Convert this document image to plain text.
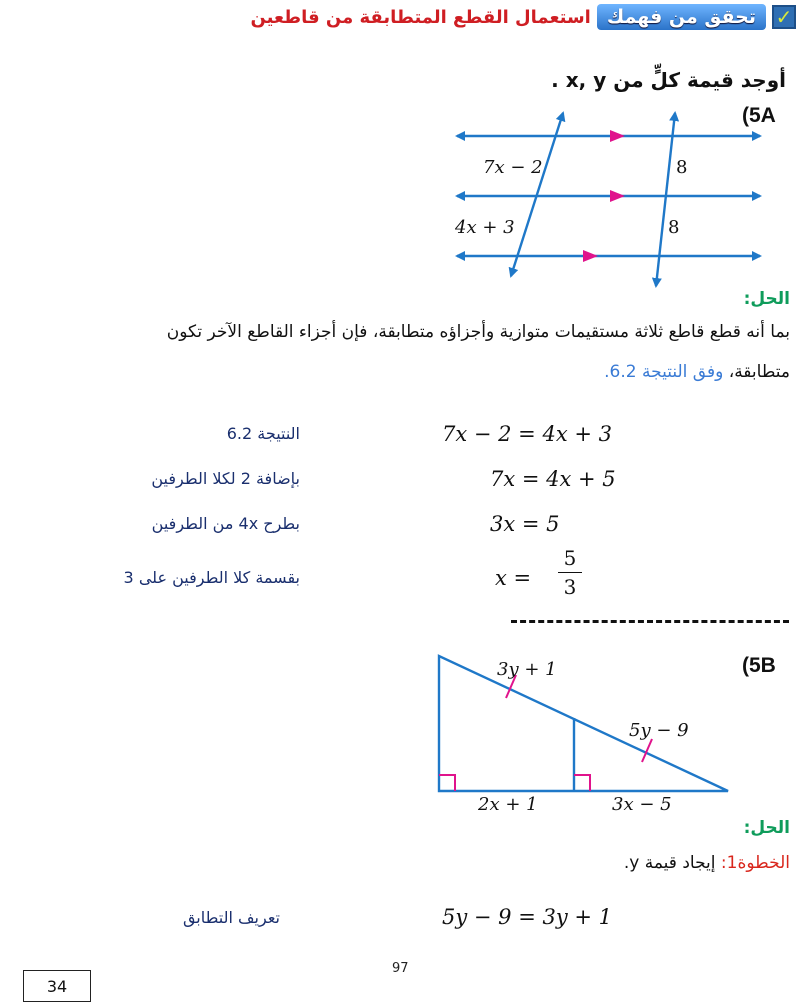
✓
تحقق من فهمك
استعمال القطع المتطابقة من قاطعين
أوجد قيمة كلٍّ من x, y .
(5A
7x − 2
4x + 3
8
8
الحل:
بما أنه قطع قاطع ثلاثة مستقيمات متوازية وأجزاؤه متطابقة، فإن أجزاء القاطع الآخر تكون
متطابقة، وفق النتيجة 6.2.
7x − 2 = 4x + 3
النتيجة 6.2
7x = 4x + 5
بإضافة 2 لكلا الطرفين
3x = 5
بطرح 4x من الطرفين
x =
5
3
بقسمة كلا الطرفين على 3
(5B
3y + 1
5y − 9
2x + 1	3x − 5
الحل:
الخطوة1: إيجاد قيمة y.
5y − 9 = 3y + 1
تعريف التطابق
97
34
